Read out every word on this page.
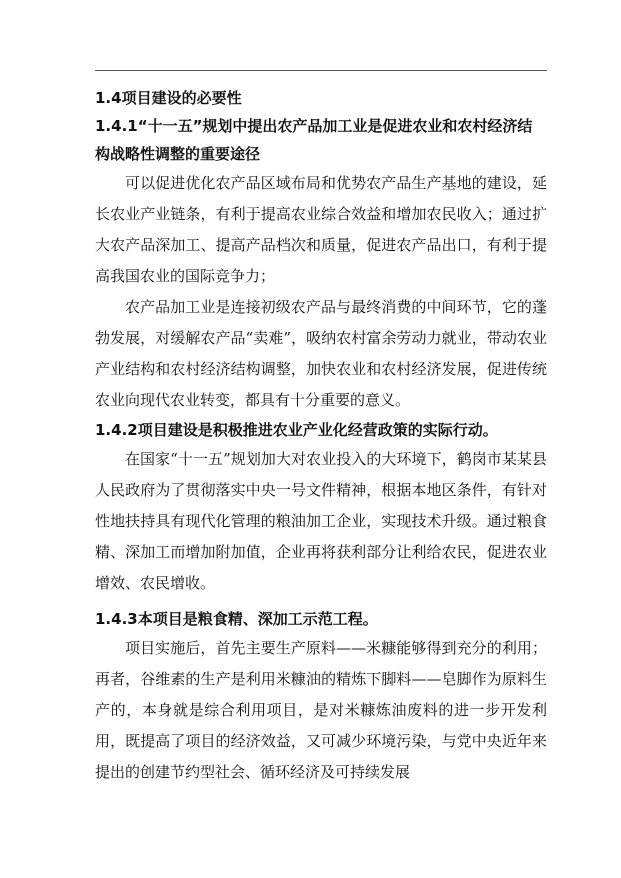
1.4项目建设的必要性
1.4.1“十一五”规划中提出农产品加工业是促进农业和农村经济结构战略性调整的重要途径

可以促进优化农产品区域布局和优势农产品生产基地的建设，延长农业产业链条，有利于提高农业综合效益和增加农民收入；通过扩大农产品深加工、提高产品档次和质量，促进农产品出口，有利于提高我国农业的国际竞争力；

农产品加工业是连接初级农产品与最终消费的中间环节，它的蓬勃发展，对缓解农产品“卖难”，吸纳农村富余劳动力就业，带动农业产业结构和农村经济结构调整，加快农业和农村经济发展，促进传统农业向现代农业转变，都具有十分重要的意义。

1.4.2项目建设是积极推进农业产业化经营政策的实际行动。

在国家“十一五”规划加大对农业投入的大环境下，鹤岗市某某县人民政府为了贯彻落实中央一号文件精神，根据本地区条件，有针对性地扶持具有现代化管理的粮油加工企业，实现技术升级。通过粮食精、深加工而增加附加值，企业再将获利部分让利给农民，促进农业增效、农民增收。

1.4.3本项目是粮食精、深加工示范工程。

项目实施后，首先主要生产原料——米糠能够得到充分的利用；再者，谷维素的生产是利用米糠油的精炼下脚料——皂脚作为原料生产的，本身就是综合利用项目，是对米糠炼油废料的进一步开发利用，既提高了项目的经济效益，又可减少环境污染，与党中央近年来提出的创建节约型社会、循环经济及可持续发展
